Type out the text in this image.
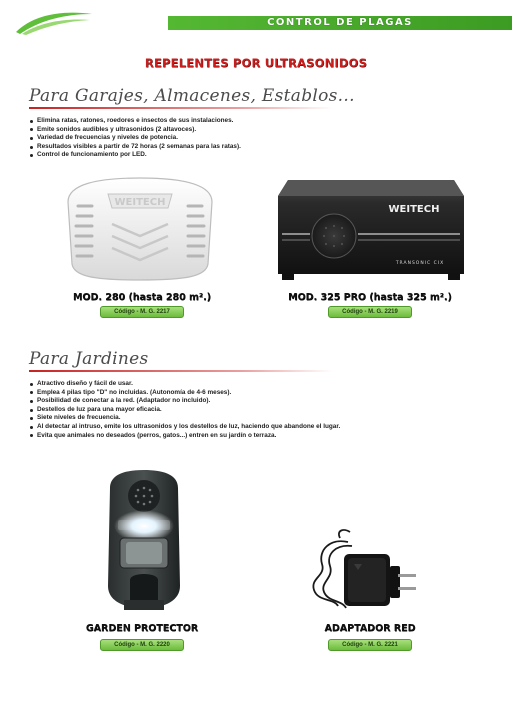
CONTROL DE PLAGAS
REPELENTES POR ULTRASONIDOS
Para Garajes, Almacenes, Establos...
Elimina ratas, ratones, roedores e insectos de sus instalaciones.
Emite sonidos audibles y ultrasonidos (2 altavoces).
Variedad de frecuencias y niveles de potencia.
Resultados visibles a partir de 72 horas (2 semanas para las ratas).
Control de funcionamiento por LED.
WEITECH
WEITECH
TRANSONIC CIX
MOD. 280 (hasta 280 m².)
Código - M. G. 2217
MOD. 325 PRO (hasta 325 m².)
Código - M. G. 2219
Para Jardines
Atractivo diseño y fácil de usar.
Emplea 4 pilas tipo "D" no incluidas. (Autonomía de 4-6 meses).
Posibilidad de conectar a la red. (Adaptador no incluido).
Destellos de luz para una mayor eficacia.
Siete niveles de frecuencia.
Al detectar al intruso, emite los ultrasonidos y los destellos de luz, haciendo que abandone el lugar.
Evita que animales no deseados (perros, gatos...) entren en su jardín o terraza.
GARDEN PROTECTOR
Código - M. G. 2220
ADAPTADOR RED
Código - M. G. 2221
